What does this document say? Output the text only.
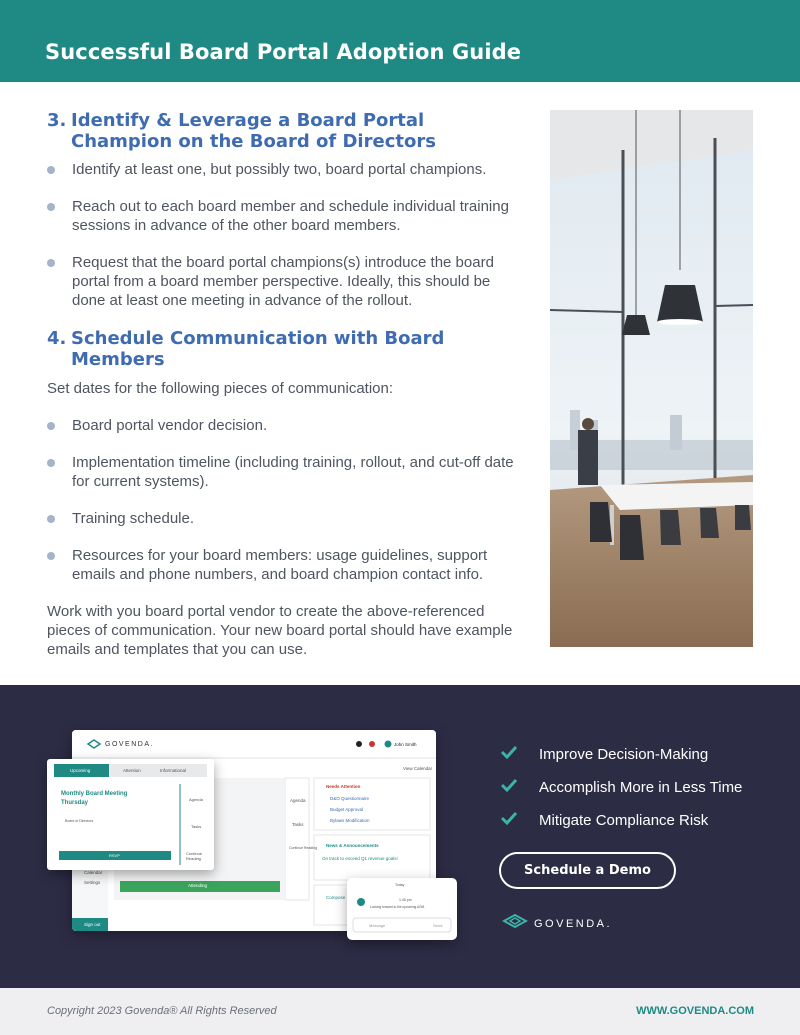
Successful Board Portal Adoption Guide
3. Identify & Leverage a Board Portal Champion on the Board of Directors
Identify at least one, but possibly two, board portal champions.
Reach out to each board member and schedule individual training sessions in advance of the other board members.
Request that the board portal champions(s) introduce the board portal from a board member perspective. Ideally, this should be done at least one meeting in advance of the rollout.
4. Schedule Communication with Board Members

Set dates for the following pieces of communication:

Board portal vendor decision.
Implementation timeline (including training, rollout, and cut-off date for current systems).
Training schedule.
Resources for your board members: usage guidelines, support emails and phone numbers, and board champion contact info.

Work with you board portal vendor to create the above-referenced pieces of communication. Your new board portal should have example emails and templates that you can use.

GOVENDA.	John Smith
View Calendar
Needs Attention
D&O Questionnaire
Budget Approval
Bylaws Modification
News & Announcements
On track to exceed Q1 revenue goals!
Compose
Agenda
Tasks
Continue Reading
Attending
Calendar
Settings
Sign out
Upcoming	Attention	Informational
Monthly Board Meeting
Thursday
Board of Directors
RSVP
Agenda
Tasks
Continue Reading
Today
1:45 pm
Looking forward to the upcoming AGM.
Message	Send
Improve Decision-Making
Accomplish More in Less Time
Mitigate Compliance Risk
Schedule a Demo
GOVENDA.
Copyright 2023 Govenda® All Rights Reserved	WWW.GOVENDA.COM
